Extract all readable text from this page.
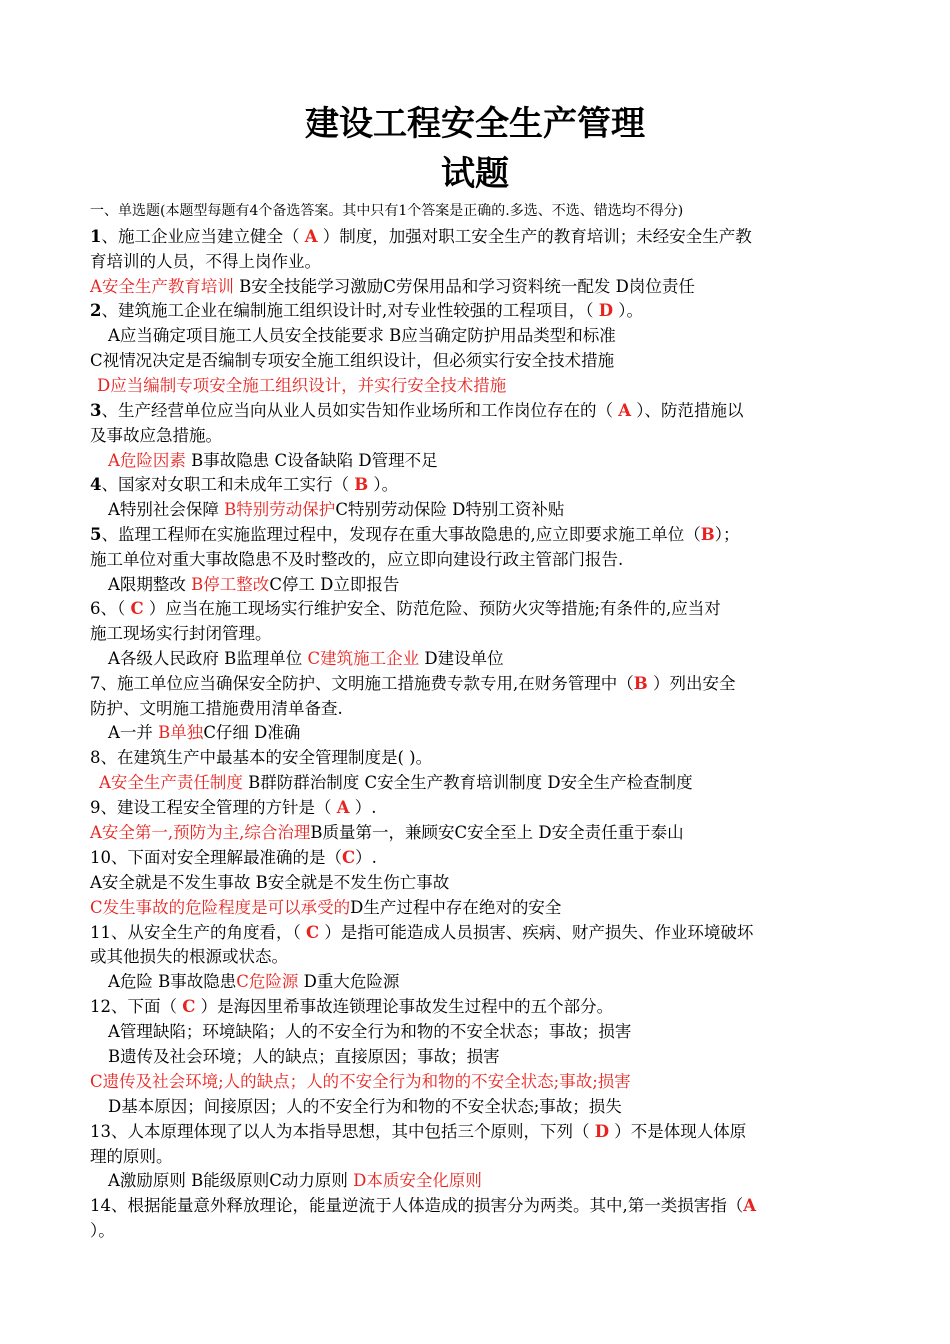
建设工程安全生产管理
试题
一、单选题(本题型每题有4个备选答案。其中只有1个答案是正确的.多选、不选、错选均不得分)
1、施工企业应当建立健全（ A ）制度，加强对职工安全生产的教育培训；未经安全生产教
育培训的人员，不得上岗作业。
A安全生产教育培训 B安全技能学习激励C劳保用品和学习资料统一配发 D岗位责任
2、建筑施工企业在编制施工组织设计时,对专业性较强的工程项目，（ D ）。
A应当确定项目施工人员安全技能要求 B应当确定防护用品类型和标准
C视情况决定是否编制专项安全施工组织设计，但必须实行安全技术措施
D应当编制专项安全施工组织设计，并实行安全技术措施
3、生产经营单位应当向从业人员如实告知作业场所和工作岗位存在的（ A ）、防范措施以
及事故应急措施。
A危险因素 B事故隐患 C设备缺陷 D管理不足
4、国家对女职工和未成年工实行（ B ）。
A特别社会保障 B特别劳动保护C特别劳动保险 D特别工资补贴
5、监理工程师在实施监理过程中，发现存在重大事故隐患的,应立即要求施工单位（B）；
施工单位对重大事故隐患不及时整改的，应立即向建设行政主管部门报告.
A限期整改 B停工整改C停工 D立即报告
6、（ C ）应当在施工现场实行维护安全、防范危险、预防火灾等措施;有条件的,应当对
施工现场实行封闭管理。
A各级人民政府 B监理单位 C建筑施工企业 D建设单位
7、施工单位应当确保安全防护、文明施工措施费专款专用,在财务管理中（B ）列出安全
防护、文明施工措施费用清单备查.
A一并 B单独C仔细 D准确
8、在建筑生产中最基本的安全管理制度是( )。
A安全生产责任制度 B群防群治制度 C安全生产教育培训制度 D安全生产检查制度
9、建设工程安全管理的方针是（ A ）.
A安全第一,预防为主,综合治理B质量第一，兼顾安C安全至上 D安全责任重于泰山
10、下面对安全理解最准确的是（C）.
A安全就是不发生事故 B安全就是不发生伤亡事故
C发生事故的危险程度是可以承受的D生产过程中存在绝对的安全
11、从安全生产的角度看，（ C ）是指可能造成人员损害、疾病、财产损失、作业环境破坏
或其他损失的根源或状态。
A危险 B事故隐患C危险源 D重大危险源
12、下面（ C ）是海因里希事故连锁理论事故发生过程中的五个部分。
A管理缺陷；环境缺陷；人的不安全行为和物的不安全状态；事故；损害
B遗传及社会环境；人的缺点；直接原因；事故；损害
C遗传及社会环境;人的缺点；人的不安全行为和物的不安全状态;事故;损害
D基本原因；间接原因；人的不安全行为和物的不安全状态;事故；损失
13、人本原理体现了以人为本指导思想，其中包括三个原则，下列（ D ）不是体现人体原
理的原则。
A激励原则 B能级原则C动力原则 D本质安全化原则
14、根据能量意外释放理论，能量逆流于人体造成的损害分为两类。其中,第一类损害指（A
）。
